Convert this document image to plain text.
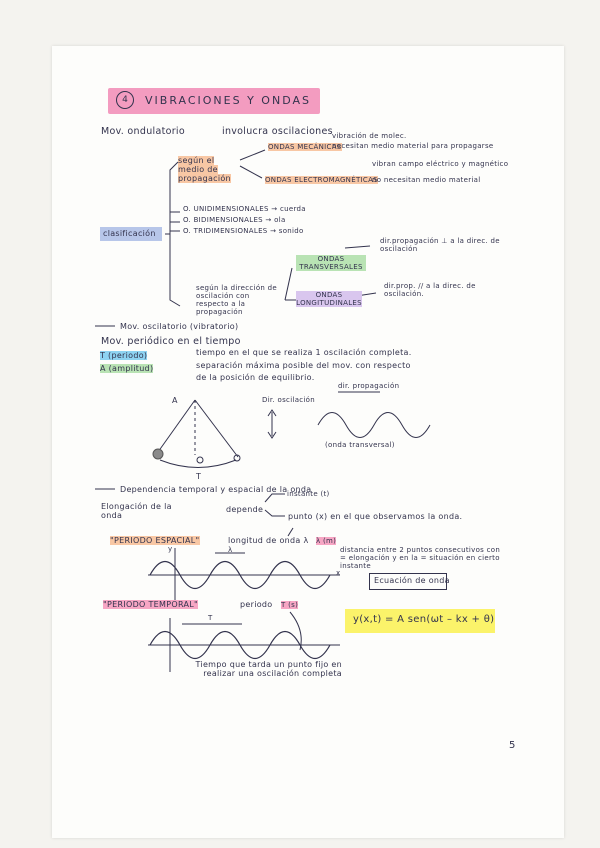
4	VIBRACIONES Y ONDAS
Mov. ondulatorio	involucra oscilaciones
clasificación
según el medio de propagación
ONDAS MECÁNICAS
vibración de molec.
necesitan medio material para propagarse
ONDAS ELECTROMAGNÉTICAS
vibran campo eléctrico y magnético
no necesitan medio material
O. UNIDIMENSIONALES → cuerda
O. BIDIMENSIONALES → ola
O. TRIDIMENSIONALES → sonido
según la dirección de oscilación con respecto a la propagación
ONDAS TRANSVERSALES
dir.propagación ⊥ a la direc. de oscilación
ONDAS LONGITUDINALES
dir.prop. // a la direc. de oscilación.
Mov. oscilatorio (vibratorio)
Mov. periódico en el tiempo
T (periodo)	tiempo en el que se realiza 1 oscilación completa.
A (amplitud)	separación máxima posible del mov. con respecto
de la posición de equilibrio.
A
T
dir. propagación
Dir. oscilación
(onda transversal)
Dependencia temporal y espacial de la onda
Elongación de la onda
depende
instante (t)
punto (x) en el que observamos la onda.
"PERIODO ESPACIAL"	longitud de onda λ λ (m)
distancia entre 2 puntos consecutivos con = elongación y en la = situación en cierto instante
λ
x
y
"PERIODO TEMPORAL"	periodo T (s)
T
Tiempo que tarda un punto fijo en realizar una oscilación completa
Ecuación de onda
y(x,t) = A sen(ωt – kx + θ)
5
